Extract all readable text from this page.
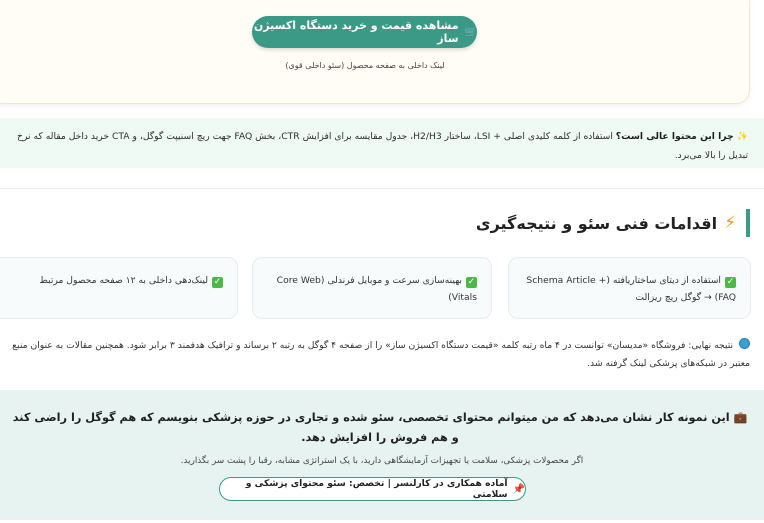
🛒
مشاهده قیمت و خرید دستگاه اکسیژن ساز
لینک داخلی به صفحه محصول (سئو داخلی قوی)
✨ چرا این محتوا عالی است؟ استفاده از کلمه کلیدی اصلی + LSI، ساختار H2/H3، جدول مقایسه برای افزایش CTR، بخش FAQ جهت ریچ اسنیپت گوگل، و CTA خرید داخل مقاله که نرخ تبدیل را بالا می‌برد.
⚡
اقدامات فنی سئو و نتیجه‌گیری
✓استفاده از دیتای ساختاریافته (Schema Article + FAQ) → گوگل ریچ ریزالت
✓بهینه‌سازی سرعت و موبایل فرندلی (Core Web Vitals)
✓لینک‌دهی داخلی به ۱۲ صفحه محصول مرتبط
نتیجه نهایی: فروشگاه «مدیسان» توانست در ۴ ماه رتبه کلمه «قیمت دستگاه اکسیژن ساز» را از صفحه ۴ گوگل به رتبه ۲ برساند و ترافیک هدفمند ۳ برابر شود. همچنین مقالات به عنوان منبع معتبر در شبکه‌های پزشکی لینک گرفته شد.
💼 این نمونه کار نشان می‌دهد که من میتوانم محتوای تخصصی، سئو شده و تجاری در حوزه پزشکی بنویسم که هم گوگل را راضی کند و هم فروش را افزایش دهد.
اگر محصولات پزشکی، سلامت یا تجهیزات آزمایشگاهی دارید، با یک استراتژی مشابه، رقبا را پشت سر بگذارید.
📌
آماده همکاری در کارلنسر | تخصص: سئو محتوای پزشکی و سلامتی
